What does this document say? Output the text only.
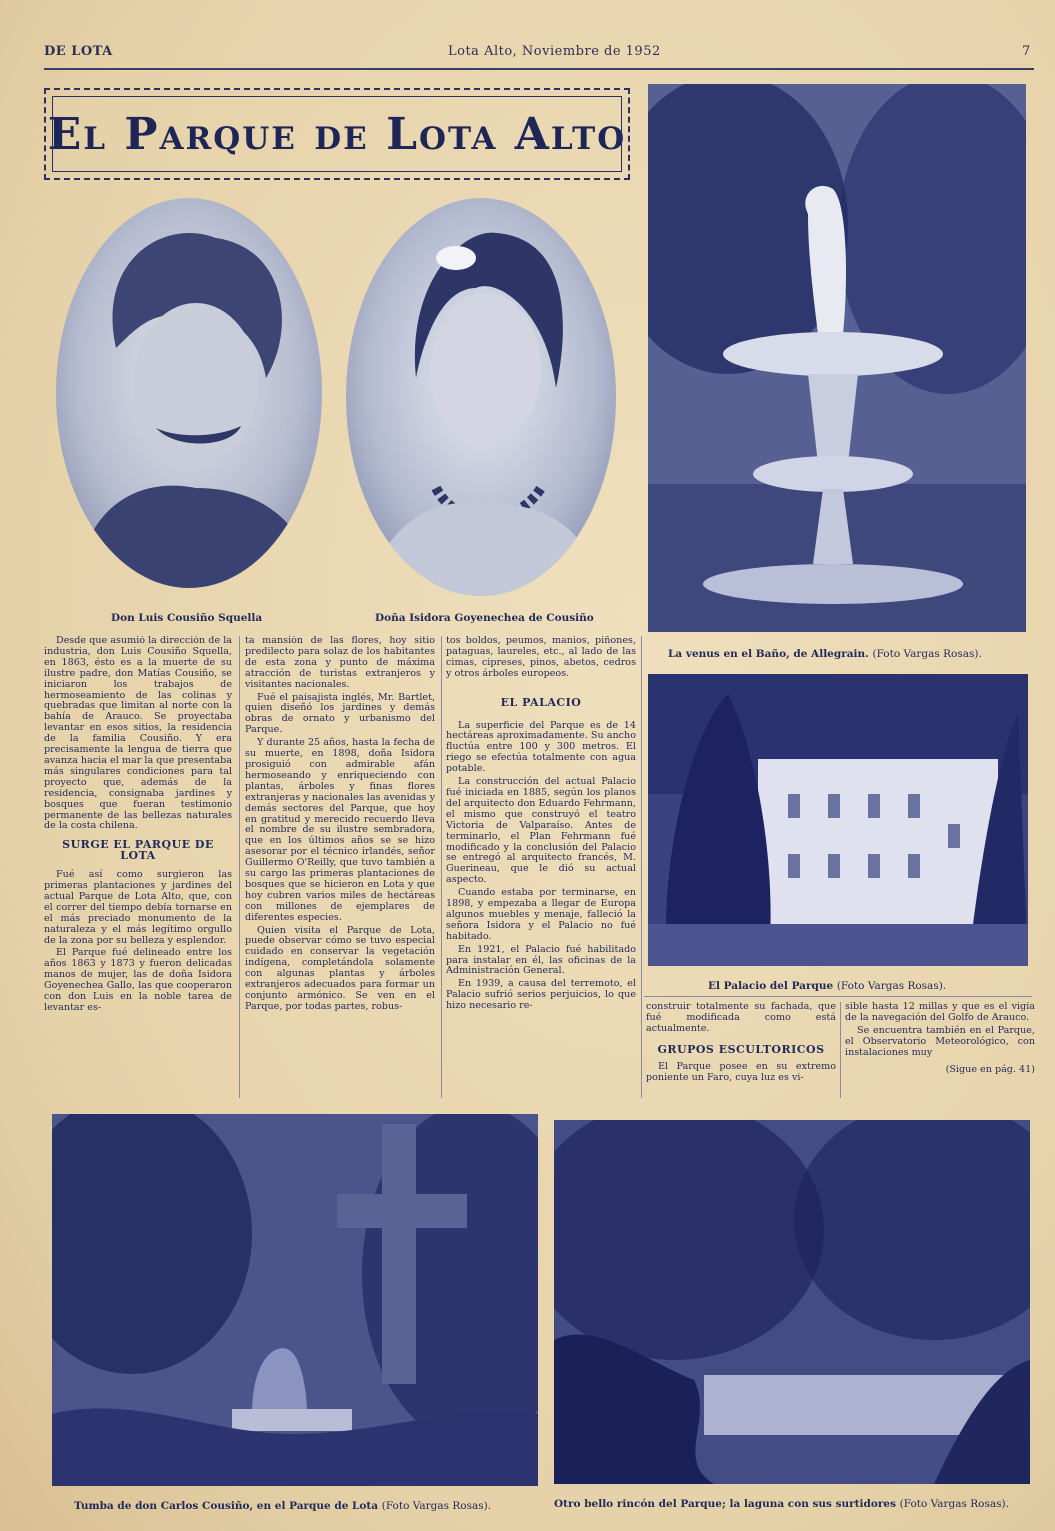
DE LOTA	Lota Alto, Noviembre de 1952	7
El Parque de Lota Alto
Don Luis Cousiño Squella	Doña Isidora Goyenechea de Cousiño

Desde que asumió la dirección de la industria, don Luis Cousiño Squella, en 1863, ésto es a la muerte de su ilustre padre, don Matías Cousiño, se iniciaron los trabajos de hermoseamiento de las colinas y quebradas que limitan al norte con la bahía de Arauco. Se proyectaba levantar en esos sitios, la residencia de la familia Cousiño. Y era precisamente la lengua de tierra que avanza hacia el mar la que presentaba más singulares condiciones para tal proyecto que, además de la residencia, consignaba jardines y bosques que fueran testimonio permanente de las bellezas naturales de la costa chilena.

SURGE EL PARQUE DE LOTA

Fué así como surgieron las primeras plantaciones y jardines del actual Parque de Lota Alto, que, con el correr del tiempo debía tornarse en el más preciado monumento de la naturaleza y el más legítimo orgullo de la zona por su belleza y esplendor.

El Parque fué delineado entre los años 1863 y 1873 y fueron delicadas manos de mujer, las de doña Isidora Goyenechea Gallo, las que cooperaron con don Luis en la noble tarea de levantar es-

ta mansión de las flores, hoy sitio predilecto para solaz de los habitantes de esta zona y punto de máxima atracción de turistas extranjeros y visitantes nacionales.

Fué el paisajista inglés, Mr. Bartlet, quien diseñó los jardines y demás obras de ornato y urbanismo del Parque.

Y durante 25 años, hasta la fecha de su muerte, en 1898, doña Isidora prosiguió con admirable afán hermoseando y enriqueciendo con plantas, árboles y finas flores extranjeras y nacionales las avenidas y demás sectores del Parque, que hoy en gratitud y merecido recuerdo lleva el nombre de su ilustre sembradora, que en los últimos años se se hizo asesorar por el técnico irlandés, señor Guillermo O'Reilly, que tuvo también a su cargo las primeras plantaciones de bosques que se hicieron en Lota y que hoy cubren varios miles de hectáreas con millones de ejemplares de diferentes especies.

Quien visita el Parque de Lota, puede observar cómo se tuvo especial cuidado en conservar la vegetación indígena, completándola solamente con algunas plantas y árboles extranjeros adecuados para formar un conjunto armónico. Se ven en el Parque, por todas partes, robus-

tos boldos, peumos, manios, piñones, pataguas, laureles, etc., al lado de las cimas, cipreses, pinos, abetos, cedros y otros árboles europeos.

EL PALACIO

La superficie del Parque es de 14 hectáreas aproximadamente. Su ancho fluctúa entre 100 y 300 metros. El riego se efectúa totalmente con agua potable.

La construcción del actual Palacio fué iniciada en 1885, según los planos del arquitecto don Eduardo Fehrmann, el mismo que construyó el teatro Victoria de Valparaíso. Antes de terminarlo, el Plan Fehrmann fué modificado y la conclusión del Palacio se entregó al arquitecto francés, M. Guerineau, que le dió su actual aspecto.

Cuando estaba por terminarse, en 1898, y empezaba a llegar de Europa algunos muebles y menaje, falleció la señora Isidora y el Palacio no fué habitado.

En 1921, el Palacio fué habilitado para instalar en él, las oficinas de la Administración General.

En 1939, a causa del terremoto, el Palacio sufrió serios perjuicios, lo que hizo necesario re-

La venus en el Baño, de Allegrain. (Foto Vargas Rosas).
El Palacio del Parque (Foto Vargas Rosas).

construir totalmente su fachada, que fué modificada como está actualmente.

GRUPOS ESCULTORICOS

El Parque posee en su extremo poniente un Faro, cuya luz es vi-

sible hasta 12 millas y que es el vigía de la navegación del Golfo de Arauco.

Se encuentra también en el Parque, el Observatorio Meteorológico, con instalaciones muy

(Sigue en pág. 41)

Tumba de don Carlos Cousiño, en el Parque de Lota (Foto Vargas Rosas).	Otro bello rincón del Parque; la laguna con sus surtidores (Foto Vargas Rosas).
